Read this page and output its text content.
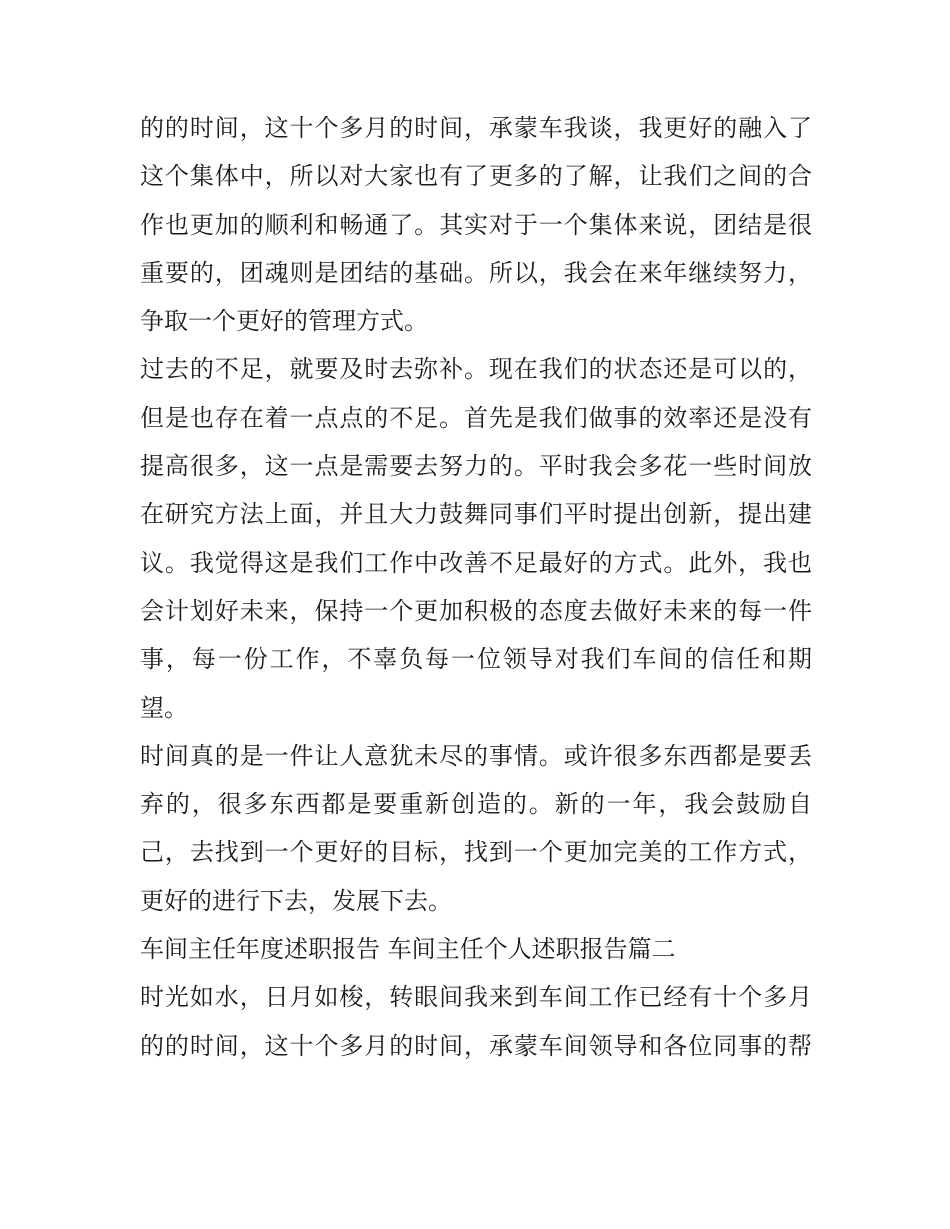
的的时间，这十个多月的时间，承蒙车我谈，我更好的融入了
这个集体中，所以对大家也有了更多的了解，让我们之间的合
作也更加的顺利和畅通了。其实对于一个集体来说，团结是很
重要的，团魂则是团结的基础。所以，我会在来年继续努力，
争取一个更好的管理方式。
过去的不足，就要及时去弥补。现在我们的状态还是可以的，
但是也存在着一点点的不足。首先是我们做事的效率还是没有
提高很多，这一点是需要去努力的。平时我会多花一些时间放
在研究方法上面，并且大力鼓舞同事们平时提出创新，提出建
议。我觉得这是我们工作中改善不足最好的方式。此外，我也
会计划好未来，保持一个更加积极的态度去做好未来的每一件
事，每一份工作，不辜负每一位领导对我们车间的信任和期
望。
时间真的是一件让人意犹未尽的事情。或许很多东西都是要丢
弃的，很多东西都是要重新创造的。新的一年，我会鼓励自
己，去找到一个更好的目标，找到一个更加完美的工作方式，
更好的进行下去，发展下去。
车间主任年度述职报告 车间主任个人述职报告篇二
时光如水，日月如梭，转眼间我来到车间工作已经有十个多月
的的时间，这十个多月的时间，承蒙车间领导和各位同事的帮
